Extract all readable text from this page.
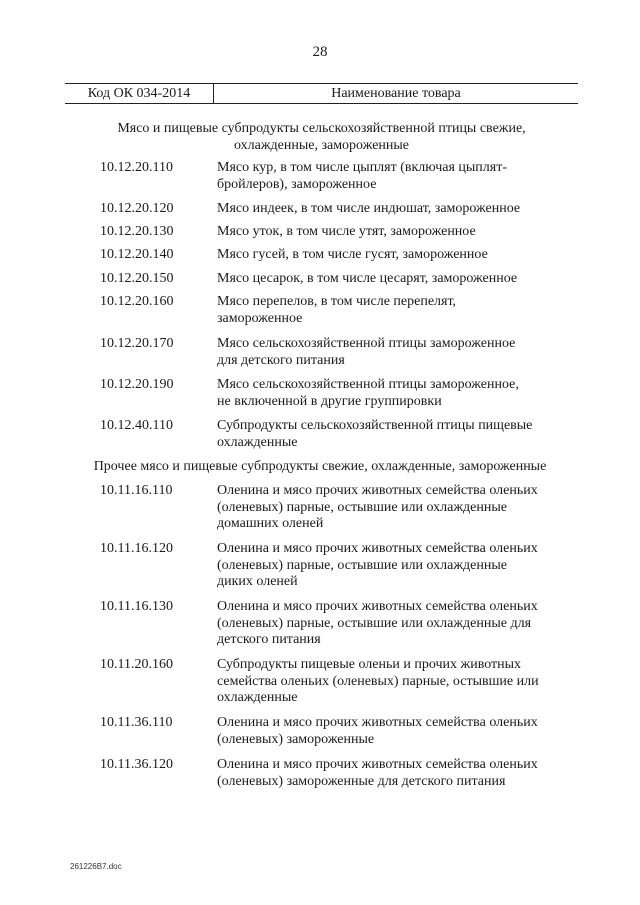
28
Код ОК 034-2014	Наименование товара
Мясо и пищевые субпродукты сельскохозяйственной птицы свежие,
охлажденные, замороженные
10.12.20.110	Мясо кур, в том числе цыплят (включая цыплят-
бройлеров), замороженное
10.12.20.120	Мясо индеек, в том числе индюшат, замороженное
10.12.20.130	Мясо уток, в том числе утят, замороженное
10.12.20.140	Мясо гусей, в том числе гусят, замороженное
10.12.20.150	Мясо цесарок, в том числе цесарят, замороженное
10.12.20.160	Мясо перепелов, в том числе перепелят,
замороженное
10.12.20.170	Мясо сельскохозяйственной птицы замороженное
для детского питания
10.12.20.190	Мясо сельскохозяйственной птицы замороженное,
не включенной в другие группировки
10.12.40.110	Субпродукты сельскохозяйственной птицы пищевые
охлажденные
Прочее мясо и пищевые субпродукты свежие, охлажденные, замороженные
10.11.16.110	Оленина и мясо прочих животных семейства оленьих
(оленевых) парные, остывшие или охлажденные
домашних оленей
10.11.16.120	Оленина и мясо прочих животных семейства оленьих
(оленевых) парные, остывшие или охлажденные
диких оленей
10.11.16.130	Оленина и мясо прочих животных семейства оленьих
(оленевых) парные, остывшие или охлажденные для
детского питания
10.11.20.160	Субпродукты пищевые оленьи и прочих животных
семейства оленьих (оленевых) парные, остывшие или
охлажденные
10.11.36.110	Оленина и мясо прочих животных семейства оленьих
(оленевых) замороженные
10.11.36.120	Оленина и мясо прочих животных семейства оленьих
(оленевых) замороженные для детского питания
261226В7.doc
